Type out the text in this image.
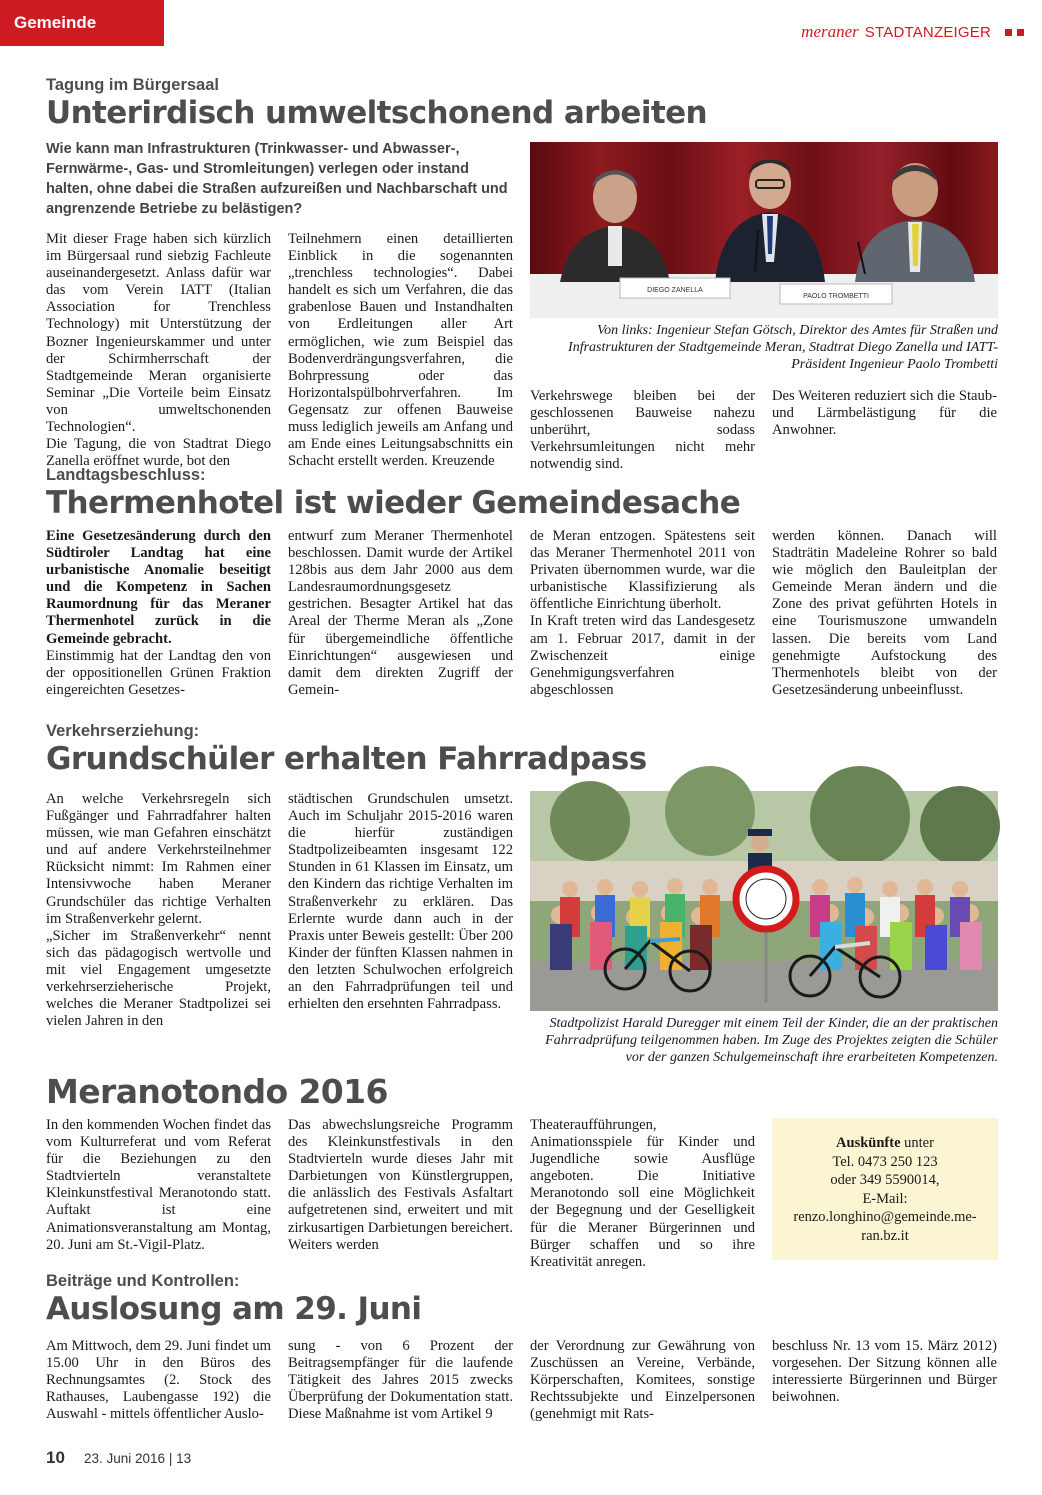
Gemeinde	meraner STADTANZEIGER
Tagung im Bürgersaal
Unterirdisch umweltschonend arbeiten
Wie kann man Infrastrukturen (Trinkwasser- und Abwasser-, Fernwärme-, Gas- und Stromleitungen) verlegen oder instand halten, ohne dabei die Straßen aufzureißen und Nachbarschaft und angrenzende Betriebe zu belästigen?
Mit dieser Frage haben sich kürzlich im Bürgersaal rund siebzig Fachleute auseinandergesetzt. Anlass dafür war das vom Verein IATT (Italian Association for Trenchless Technology) mit Unterstützung der Bozner Ingenieurskammer und unter der Schirmherrschaft der Stadtgemeinde Meran organisierte Seminar „Die Vorteile beim Einsatz von umweltschonenden Technologien“.
Die Tagung, die von Stadtrat Diego Zanella eröffnet wurde, bot den
Teilnehmern einen detaillierten Einblick in die sogenannten „trenchless technologies“. Dabei handelt es sich um Verfahren, die das grabenlose Bauen und Instandhalten von Erdleitungen aller Art ermöglichen, wie zum Beispiel das Bodenverdrängungsverfahren, die Bohrpressung oder das Horizontalspülbohrverfahren. Im Gegensatz zur offenen Bauweise muss lediglich jeweils am Anfang und am Ende eines Leitungsabschnitts ein Schacht erstellt werden. Kreuzende
DIEGO ZANELLA
PAOLO TROMBETTI
Von links: Ingenieur Stefan Götsch, Direktor des Amtes für Straßen und Infrastrukturen der Stadtgemeinde Meran, Stadtrat Diego Zanella und IATT-Präsident Ingenieur Paolo Trombetti
Verkehrswege bleiben bei der geschlossenen Bauweise nahezu unberührt, sodass Verkehrsumleitungen nicht mehr notwendig sind.
Des Weiteren reduziert sich die Staub- und Lärmbelästigung für die Anwohner.
Landtagsbeschluss:
Thermenhotel ist wieder Gemeindesache
Eine Gesetzesänderung durch den Südtiroler Landtag hat eine urbanistische Anomalie beseitigt und die Kompetenz in Sachen Raumordnung für das Meraner Thermenhotel zurück in die Gemeinde gebracht.
Einstimmig hat der Landtag den von der oppositionellen Grünen Fraktion eingereichten Gesetzes-
entwurf zum Meraner Thermenhotel beschlossen. Damit wurde der Artikel 128bis aus dem Jahr 2000 aus dem Landesraumordnungsgesetz gestrichen. Besagter Artikel hat das Areal der Therme Meran als „Zone für übergemeindliche öffentliche Einrichtungen“ ausgewiesen und damit dem direkten Zugriff der Gemein-
de Meran entzogen. Spätestens seit das Meraner Thermenhotel 2011 von Privaten übernommen wurde, war die urbanistische Klassifizierung als öffentliche Einrichtung überholt.
In Kraft treten wird das Landesgesetz am 1. Februar 2017, damit in der Zwischenzeit einige Genehmigungsverfahren abgeschlossen
werden können. Danach will Stadträtin Madeleine Rohrer so bald wie möglich den Bauleitplan der Gemeinde Meran ändern und die Zone des privat geführten Hotels in eine Tourismuszone umwandeln lassen. Die bereits vom Land genehmigte Aufstockung des Thermenhotels bleibt von der Gesetzesänderung unbeeinflusst.
Verkehrserziehung:
Grundschüler erhalten Fahrradpass
An welche Verkehrsregeln sich Fußgänger und Fahrradfahrer halten müssen, wie man Gefahren einschätzt und auf andere Verkehrsteilnehmer Rücksicht nimmt: Im Rahmen einer Intensivwoche haben Meraner Grundschüler das richtige Verhalten im Straßenverkehr gelernt.
„Sicher im Straßenverkehr“ nennt sich das pädagogisch wertvolle und mit viel Engagement umgesetzte verkehrserzieherische Projekt, welches die Meraner Stadtpolizei sei vielen Jahren in den
städtischen Grundschulen umsetzt. Auch im Schuljahr 2015-2016 waren die hierfür zuständigen Stadtpolizeibeamten insgesamt 122 Stunden in 61 Klassen im Einsatz, um den Kindern das richtige Verhalten im Straßenverkehr zu erklären. Das Erlernte wurde dann auch in der Praxis unter Beweis gestellt: Über 200 Kinder der fünften Klassen nahmen in den letzten Schulwochen erfolgreich an den Fahrradprüfungen teil und erhielten den ersehnten Fahrradpass.
Stadtpolizist Harald Duregger mit einem Teil der Kinder, die an der praktischen Fahrradprüfung teilgenommen haben. Im Zuge des Projektes zeigten die Schüler vor der ganzen Schulgemeinschaft ihre erarbeiteten Kompetenzen.
Meranotondo 2016
In den kommenden Wochen findet das vom Kulturreferat und vom Referat für die Beziehungen zu den Stadtvierteln veranstaltete Kleinkunstfestival Meranotondo statt. Auftakt ist eine Animationsveranstaltung am Montag, 20. Juni am St.-Vigil-Platz.
Das abwechslungsreiche Programm des Kleinkunstfestivals in den Stadtvierteln wurde dieses Jahr mit Darbietungen von Künstlergruppen, die anlässlich des Festivals Asfaltart aufgetretenen sind, erweitert und mit zirkusartigen Darbietungen bereichert. Weiters werden
Theateraufführungen, Animationsspiele für Kinder und Jugendliche sowie Ausflüge angeboten. Die Initiative Meranotondo soll eine Möglichkeit der Begegnung und der Geselligkeit für die Meraner Bürgerinnen und Bürger schaffen und so ihre Kreativität anregen.
Auskünfte unter
Tel. 0473 250 123
oder 349 5590014,
E-Mail:
renzo.longhino@gemeinde.me-
ran.bz.it
Beiträge und Kontrollen:
Auslosung am 29. Juni
Am Mittwoch, dem 29. Juni findet um 15.00 Uhr in den Büros des Rechnungsamtes (2. Stock des Rathauses, Laubengasse 192) die Auswahl - mittels öffentlicher Auslo-
sung - von 6 Prozent der Beitragsempfänger für die laufende Tätigkeit des Jahres 2015 zwecks Überprüfung der Dokumentation statt. Diese Maßnahme ist vom Artikel 9
der Verordnung zur Gewährung von Zuschüssen an Vereine, Verbände, Körperschaften, Komitees, sonstige Rechtssubjekte und Einzelpersonen (genehmigt mit Rats-
beschluss Nr. 13 vom 15. März 2012) vorgesehen. Der Sitzung können alle interessierte Bürgerinnen und Bürger beiwohnen.
10 23. Juni 2016 | 13
